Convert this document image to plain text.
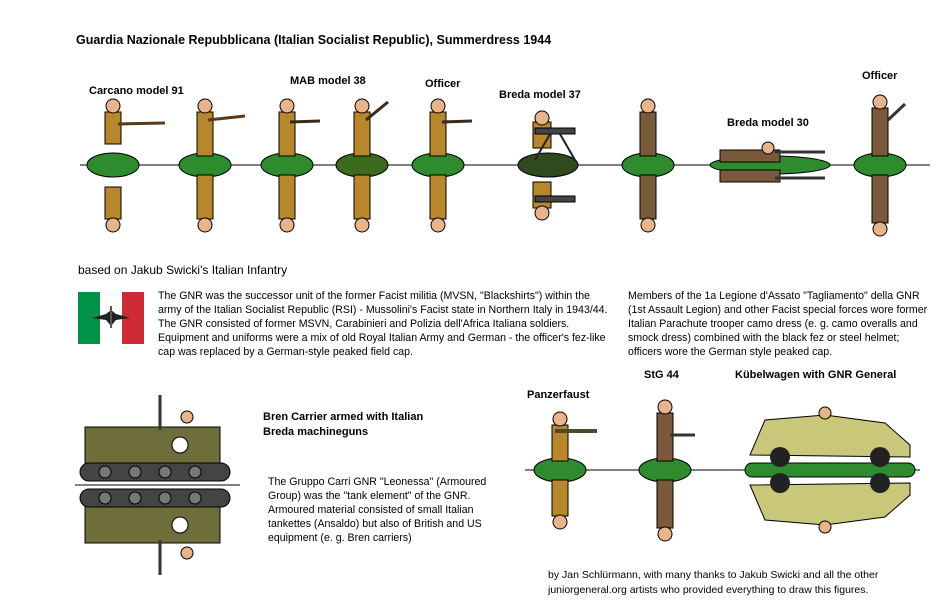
Guardia Nazionale Repubblicana (Italian Socialist Republic), Summerdress 1944
Carcano model 91
MAB model 38	Officer
Breda model 37
Officer
Breda model 30
based on Jakub Swicki's Italian Infantry
The GNR was the successor unit of the former Facist militia (MVSN, "Blackshirts") within the army of the Italian Socialist Republic (RSI) - Mussolini's Facist state in Northern Italy in 1943/44. The GNR consisted of former MSVN, Carabinieri and Polizia dell'Africa Italiana soldiers. Equipment and uniforms were a mix of old Royal Italian Army and German - the officer's fez-like cap was replaced by a German-style peaked field cap.
Members of the 1a Legione d'Assato "Tagliamento" della GNR (1st Assault Legion) and other Facist special forces wore former Italian Parachute trooper camo dress (e. g. camo overalls and smock dress) combined with the black fez or steel helmet; officers wore the German style peaked cap.
Bren Carrier armed with Italian
Breda machineguns
The Gruppo Carri GNR "Leonessa" (Armoured Group) was the "tank element" of the GNR. Armoured material consisted of small Italian tankettes (Ansaldo) but also of British and US equipment (e. g. Bren carriers)
Panzerfaust
StG 44	Kübelwagen with GNR General
by Jan Schlürmann, with many thanks to Jakub Swicki and all the other juniorgeneral.org artists who provided everything to draw this figures.
